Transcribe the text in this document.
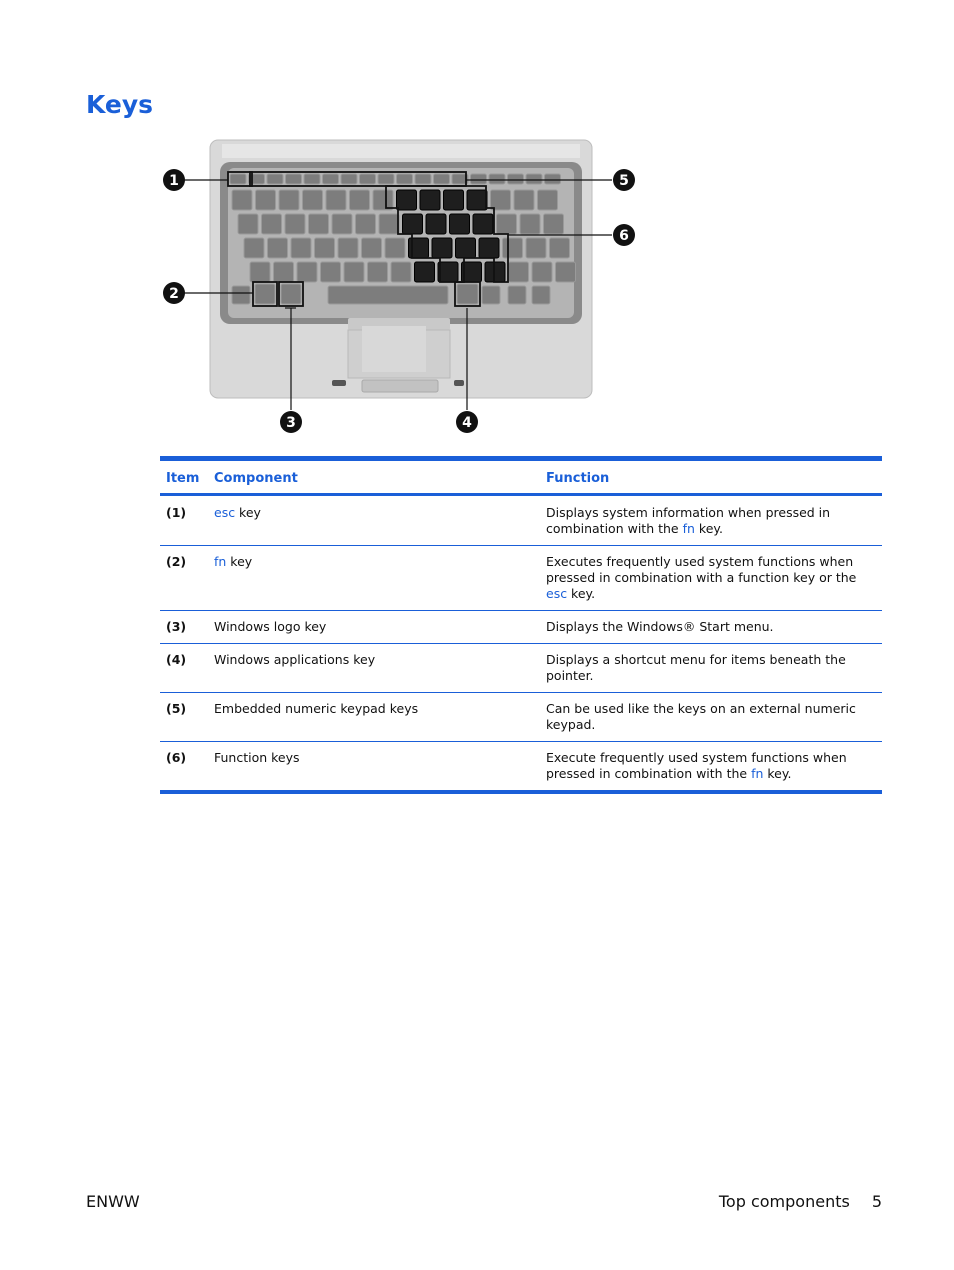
Keys
1
2
3	4
5
6
Item	Component	Function
(1)	esc key	Displays system information when pressed in combination with the fn key.
(2)	fn key	Executes frequently used system functions when pressed in combination with a function key or the esc key.
(3)	Windows logo key	Displays the Windows® Start menu.
(4)	Windows applications key	Displays a shortcut menu for items beneath the pointer.
(5)	Embedded numeric keypad keys	Can be used like the keys on an external numeric keypad.
(6)	Function keys	Execute frequently used system functions when pressed in combination with the fn key.
ENWW	Top components 5
